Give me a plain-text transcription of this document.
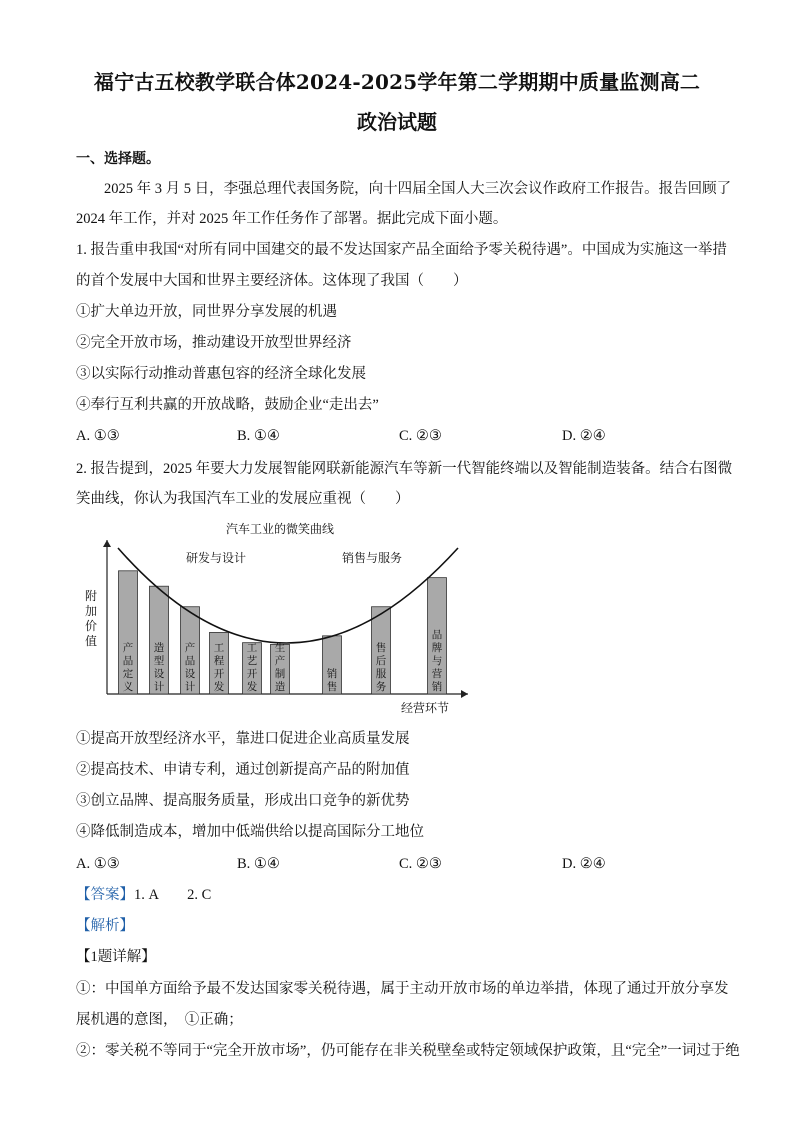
福宁古五校教学联合体2024-2025学年第二学期期中质量监测高二
政治试题
一、选择题。
2025 年 3 月 5 日，李强总理代表国务院，向十四届全国人大三次会议作政府工作报告。报告回顾了
2024 年工作，并对 2025 年工作任务作了部署。据此完成下面小题。
1. 报告重申我国“对所有同中国建交的最不发达国家产品全面给予零关税待遇”。中国成为实施这一举措
的首个发展中大国和世界主要经济体。这体现了我国（　　）
①扩大单边开放，同世界分享发展的机遇
②完全开放市场，推动建设开放型世界经济
③以实际行动推动普惠包容的经济全球化发展
④奉行互利共赢的开放战略，鼓励企业“走出去”
A. ①③	B. ①④	C. ②③	D. ②④
2. 报告提到，2025 年要大力发展智能网联新能源汽车等新一代智能终端以及智能制造装备。结合右图微
笑曲线，你认为我国汽车工业的发展应重视（　　）
汽车工业的微笑曲线
附
加
价
值
经营环节
产
品
定
义
造
型
设
计
产
品
设
计
工
程
开
发
工
艺
开
发
生
产
制
造
销
售
售
后
服
务
品
牌
与
营
销
研发与设计	销售与服务
①提高开放型经济水平，靠进口促进企业高质量发展
②提高技术、申请专利，通过创新提高产品的附加值
③创立品牌、提高服务质量，形成出口竞争的新优势
④降低制造成本，增加中低端供给以提高国际分工地位
A. ①③	B. ①④	C. ②③	D. ②④
【答案】1. A　　2. C
【解析】
【1题详解】
①：中国单方面给予最不发达国家零关税待遇，属于主动开放市场的单边举措，体现了通过开放分享发
展机遇的意图，　①正确；
②：零关税不等同于“完全开放市场”，仍可能存在非关税壁垒或特定领域保护政策，且“完全”一词过于绝
